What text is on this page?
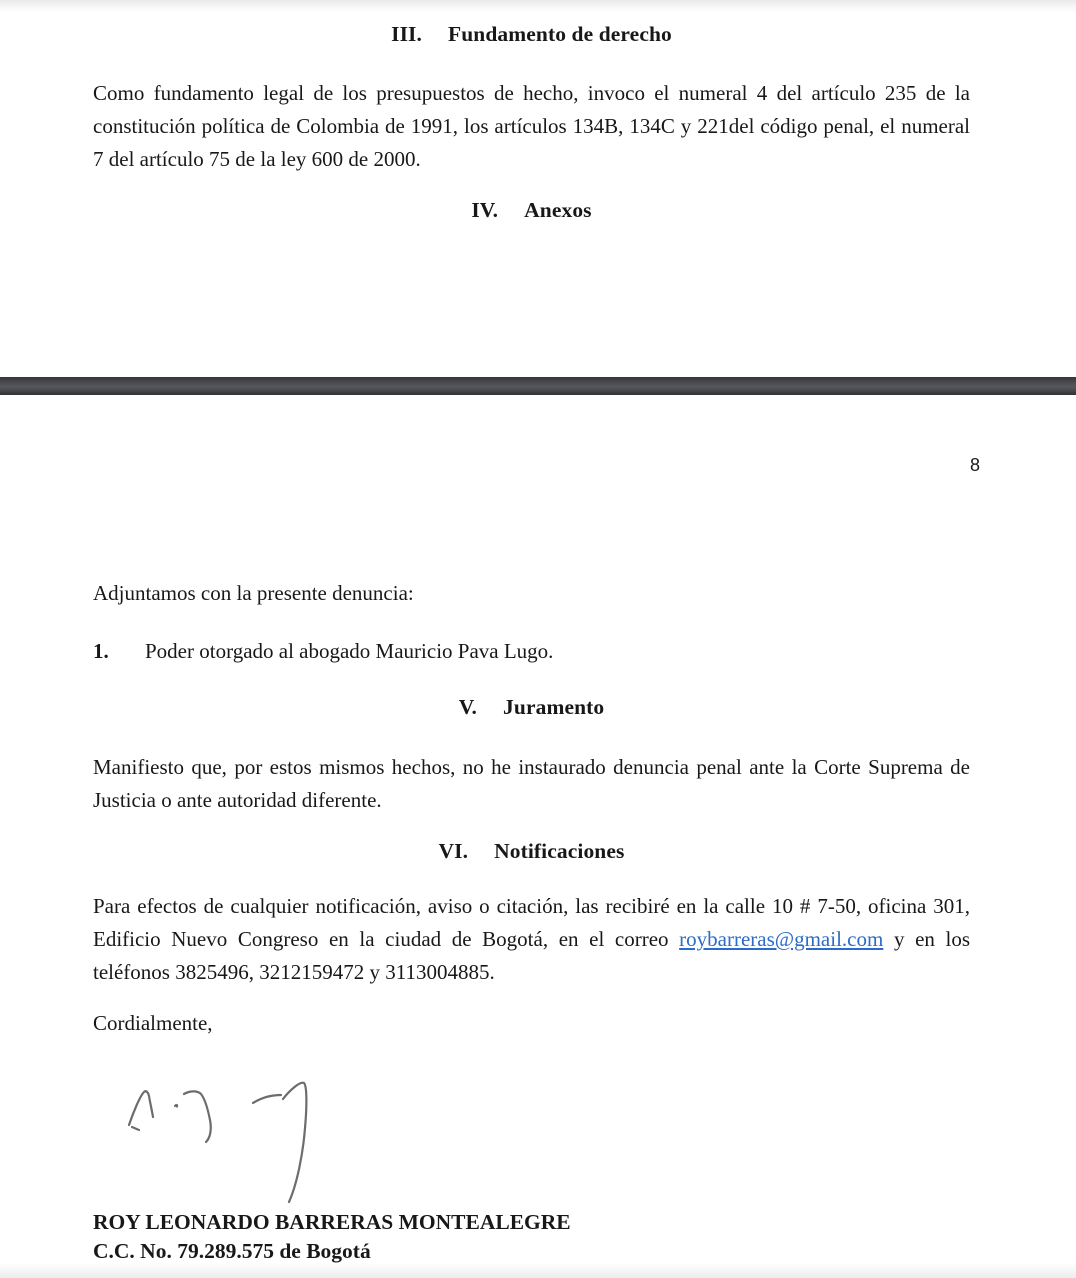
III. Fundamento de derecho

Como fundamento legal de los presupuestos de hecho, invoco el numeral 4 del artículo 235 de la constitución política de Colombia de 1991, los artículos 134B, 134C y 221del código penal, el numeral 7 del artículo 75 de la ley 600 de 2000.

IV. Anexos
8

Adjuntamos con la presente denuncia:

1.	Poder otorgado al abogado Mauricio Pava Lugo.
V. Juramento

Manifiesto que, por estos mismos hechos, no he instaurado denuncia penal ante la Corte Suprema de Justicia o ante autoridad diferente.

VI. Notificaciones

Para efectos de cualquier notificación, aviso o citación, las recibiré en la calle 10 # 7-50, oficina 301, Edificio Nuevo Congreso en la ciudad de Bogotá, en el correo roybarreras@gmail.com y en los teléfonos 3825496, 3212159472 y 3113004885.

Cordialmente,

ROY LEONARDO BARRERAS MONTEALEGRE
C.C. No. 79.289.575 de Bogotá
